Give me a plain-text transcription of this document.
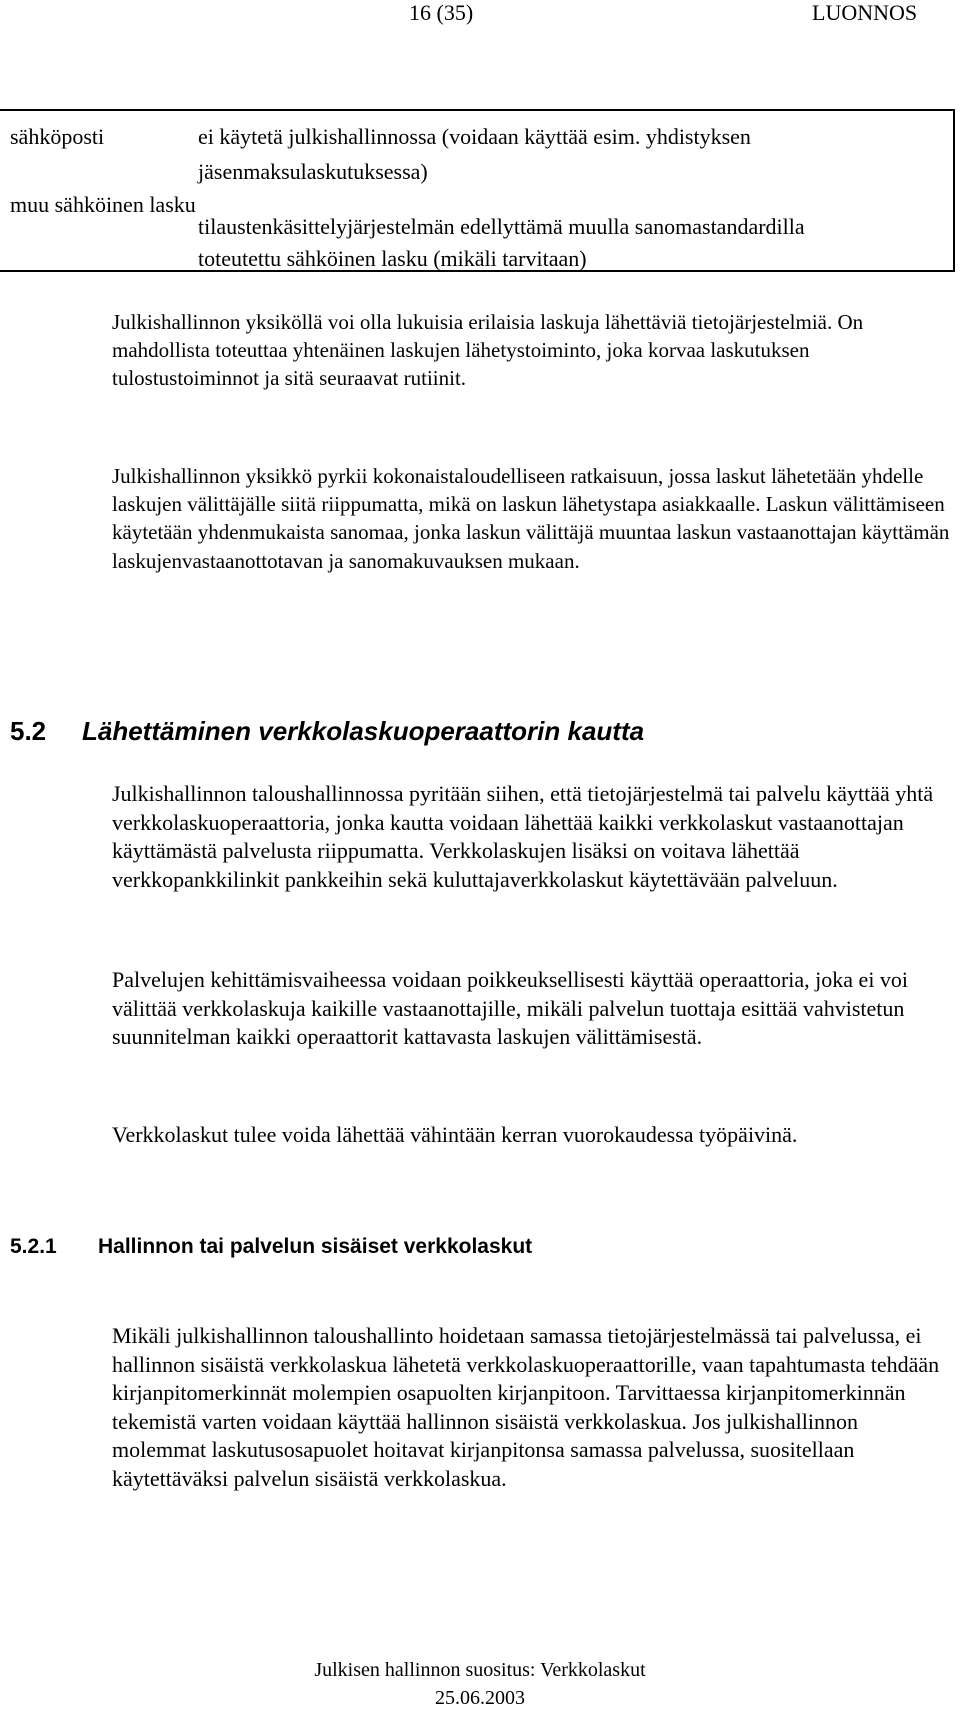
16 (35)	LUONNOS
sähköposti	ei käytetä julkishallinnossa (voidaan käyttää esim. yhdistyksen
jäsenmaksulaskutuksessa)
muu sähköinen lasku
tilaustenkäsittelyjärjestelmän edellyttämä muulla sanomastandardilla
toteutettu sähköinen lasku (mikäli tarvitaan)

Julkishallinnon yksiköllä voi olla lukuisia erilaisia laskuja lähettäviä tietojärjestelmiä. On mahdollista toteuttaa yhtenäinen laskujen lähetystoiminto, joka korvaa laskutuksen tulostustoiminnot ja sitä seuraavat rutiinit.

Julkishallinnon yksikkö pyrkii kokonaistaloudelliseen ratkaisuun, jossa laskut lähetetään yhdelle laskujen välittäjälle siitä riippumatta, mikä on laskun lähetystapa asiakkaalle. Laskun välittämiseen käytetään yhdenmukaista sanomaa, jonka laskun välittäjä muuntaa laskun vastaanottajan käyttämän laskujenvastaanottotavan ja sanomakuvauksen mukaan.

5.2 Lähettäminen verkkolaskuoperaattorin kautta

Julkishallinnon taloushallinnossa pyritään siihen, että tietojärjestelmä tai palvelu käyttää yhtä verkkolaskuoperaattoria, jonka kautta voidaan lähettää kaikki verkkolaskut vastaanottajan käyttämästä palvelusta riippumatta. Verkkolaskujen lisäksi on voitava lähettää verkkopankkilinkit pankkeihin sekä kuluttajaverkkolaskut käytettävään palveluun.

Palvelujen kehittämisvaiheessa voidaan poikkeuksellisesti käyttää operaattoria, joka ei voi välittää verkkolaskuja kaikille vastaanottajille, mikäli palvelun tuottaja esittää vahvistetun suunnitelman kaikki operaattorit kattavasta laskujen välittämisestä.

Verkkolaskut tulee voida lähettää vähintään kerran vuorokaudessa työpäivinä.

5.2.1 Hallinnon tai palvelun sisäiset verkkolaskut

Mikäli julkishallinnon taloushallinto hoidetaan samassa tietojärjestelmässä tai palvelussa, ei hallinnon sisäistä verkkolaskua lähetetä verkkolaskuoperaattorille, vaan tapahtumasta tehdään kirjanpitomerkinnät molempien osapuolten kirjanpitoon. Tarvittaessa kirjanpitomerkinnän tekemistä varten voidaan käyttää hallinnon sisäistä verkkolaskua. Jos julkishallinnon molemmat laskutusosapuolet hoitavat kirjanpitonsa samassa palvelussa, suositellaan käytettäväksi palvelun sisäistä verkkolaskua.

Julkisen hallinnon suositus: Verkkolaskut
25.06.2003
